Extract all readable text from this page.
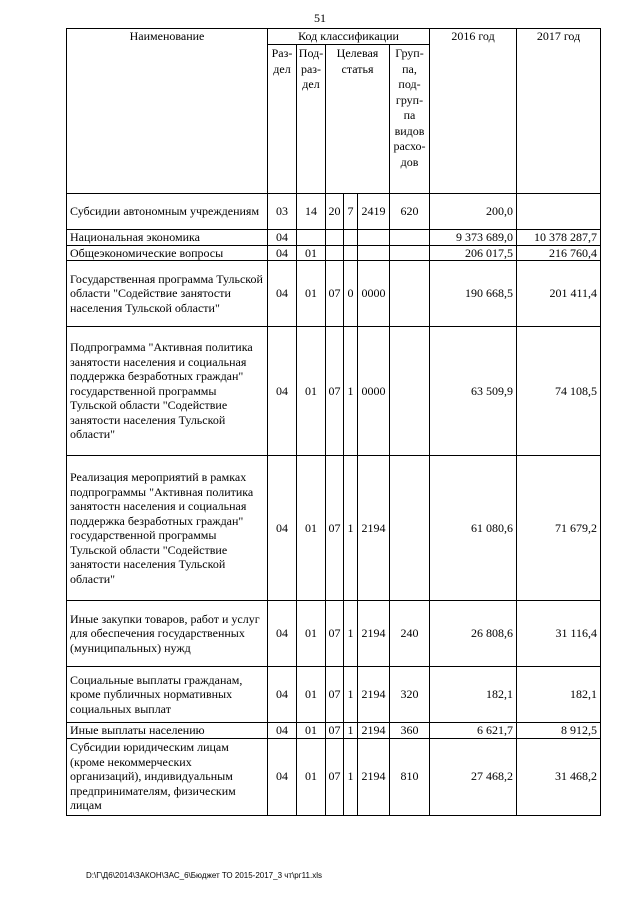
51
Наименование	Код классификации						2016 год	2017 год
	Раз-дел	Под-раз-дел	Целевая статья			Груп-па, под-груп-па видов расхо-дов		
Субсидии автономным учреждениям	03	14	20	7	2419	620	200,0	
Национальная экономика	04						9 373 689,0	10 378 287,7
Общеэкономические вопросы	04	01					206 017,5	216 760,4
Государственная программа Тульской области "Содействие занятости населения Тульской области"	04	01	07	0	0000		190 668,5	201 411,4
Подпрограмма "Активная политика занятости населения и социальная поддержка безработных граждан" государственной программы Тульской области "Содействие занятости населения Тульской области"	04	01	07	1	0000		63 509,9	74 108,5
Реализация мероприятий в рамках подпрограммы "Активная политика занятостн населения и социальная поддержка безработных граждан" государственной программы Тульской области "Содействие занятости населения Тульской области"	04	01	07	1	2194		61 080,6	71 679,2
Иные закупки товаров, работ и услуг для обеспечения государственных (муниципальных) нужд	04	01	07	1	2194	240	26 808,6	31 116,4
Социальные выплаты гражданам, кроме публичных нормативных социальных выплат	04	01	07	1	2194	320	182,1	182,1
Иные выплаты населению	04	01	07	1	2194	360	6 621,7	8 912,5
Субсидии юридическим лицам (кроме некоммерческих организаций), индивидуальным предпринимателям, физическим лицам	04	01	07	1	2194	810	27 468,2	31 468,2
D:\Г\Д6\2014\ЗАКОН\ЗАС_6\Бюджет ТО 2015-2017_3 чт\рг11.xls
